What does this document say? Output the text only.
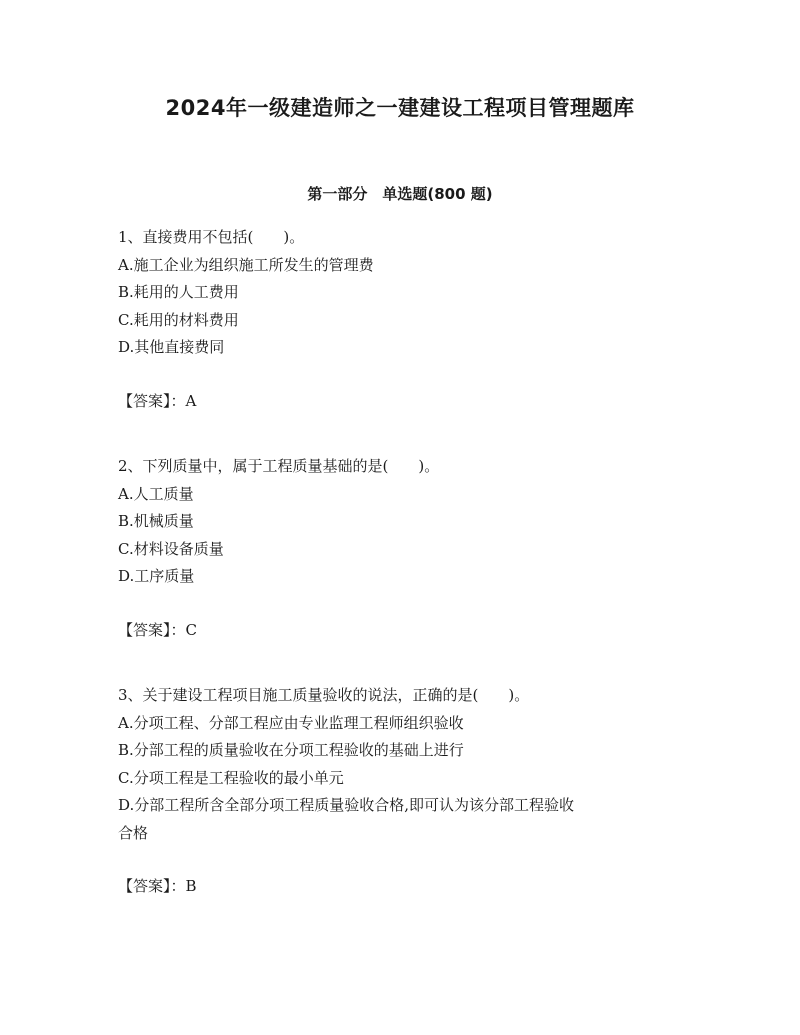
2024年一级建造师之一建建设工程项目管理题库
第一部分　单选题(800 题)

1、直接费用不包括(　　)。

A.施工企业为组织施工所发生的管理费

B.耗用的人工费用

C.耗用的材料费用

D.其他直接费同

【答案】：A

2、下列质量中，属于工程质量基础的是(　　)。

A.人工质量

B.机械质量

C.材料设备质量

D.工序质量

【答案】：C

3、关于建设工程项目施工质量验收的说法，正确的是(　　)。

A.分项工程、分部工程应由专业监理工程师组织验收

B.分部工程的质量验收在分项工程验收的基础上进行

C.分项工程是工程验收的最小单元

D.分部工程所含全部分项工程质量验收合格,即可认为该分部工程验收

合格

【答案】：B
